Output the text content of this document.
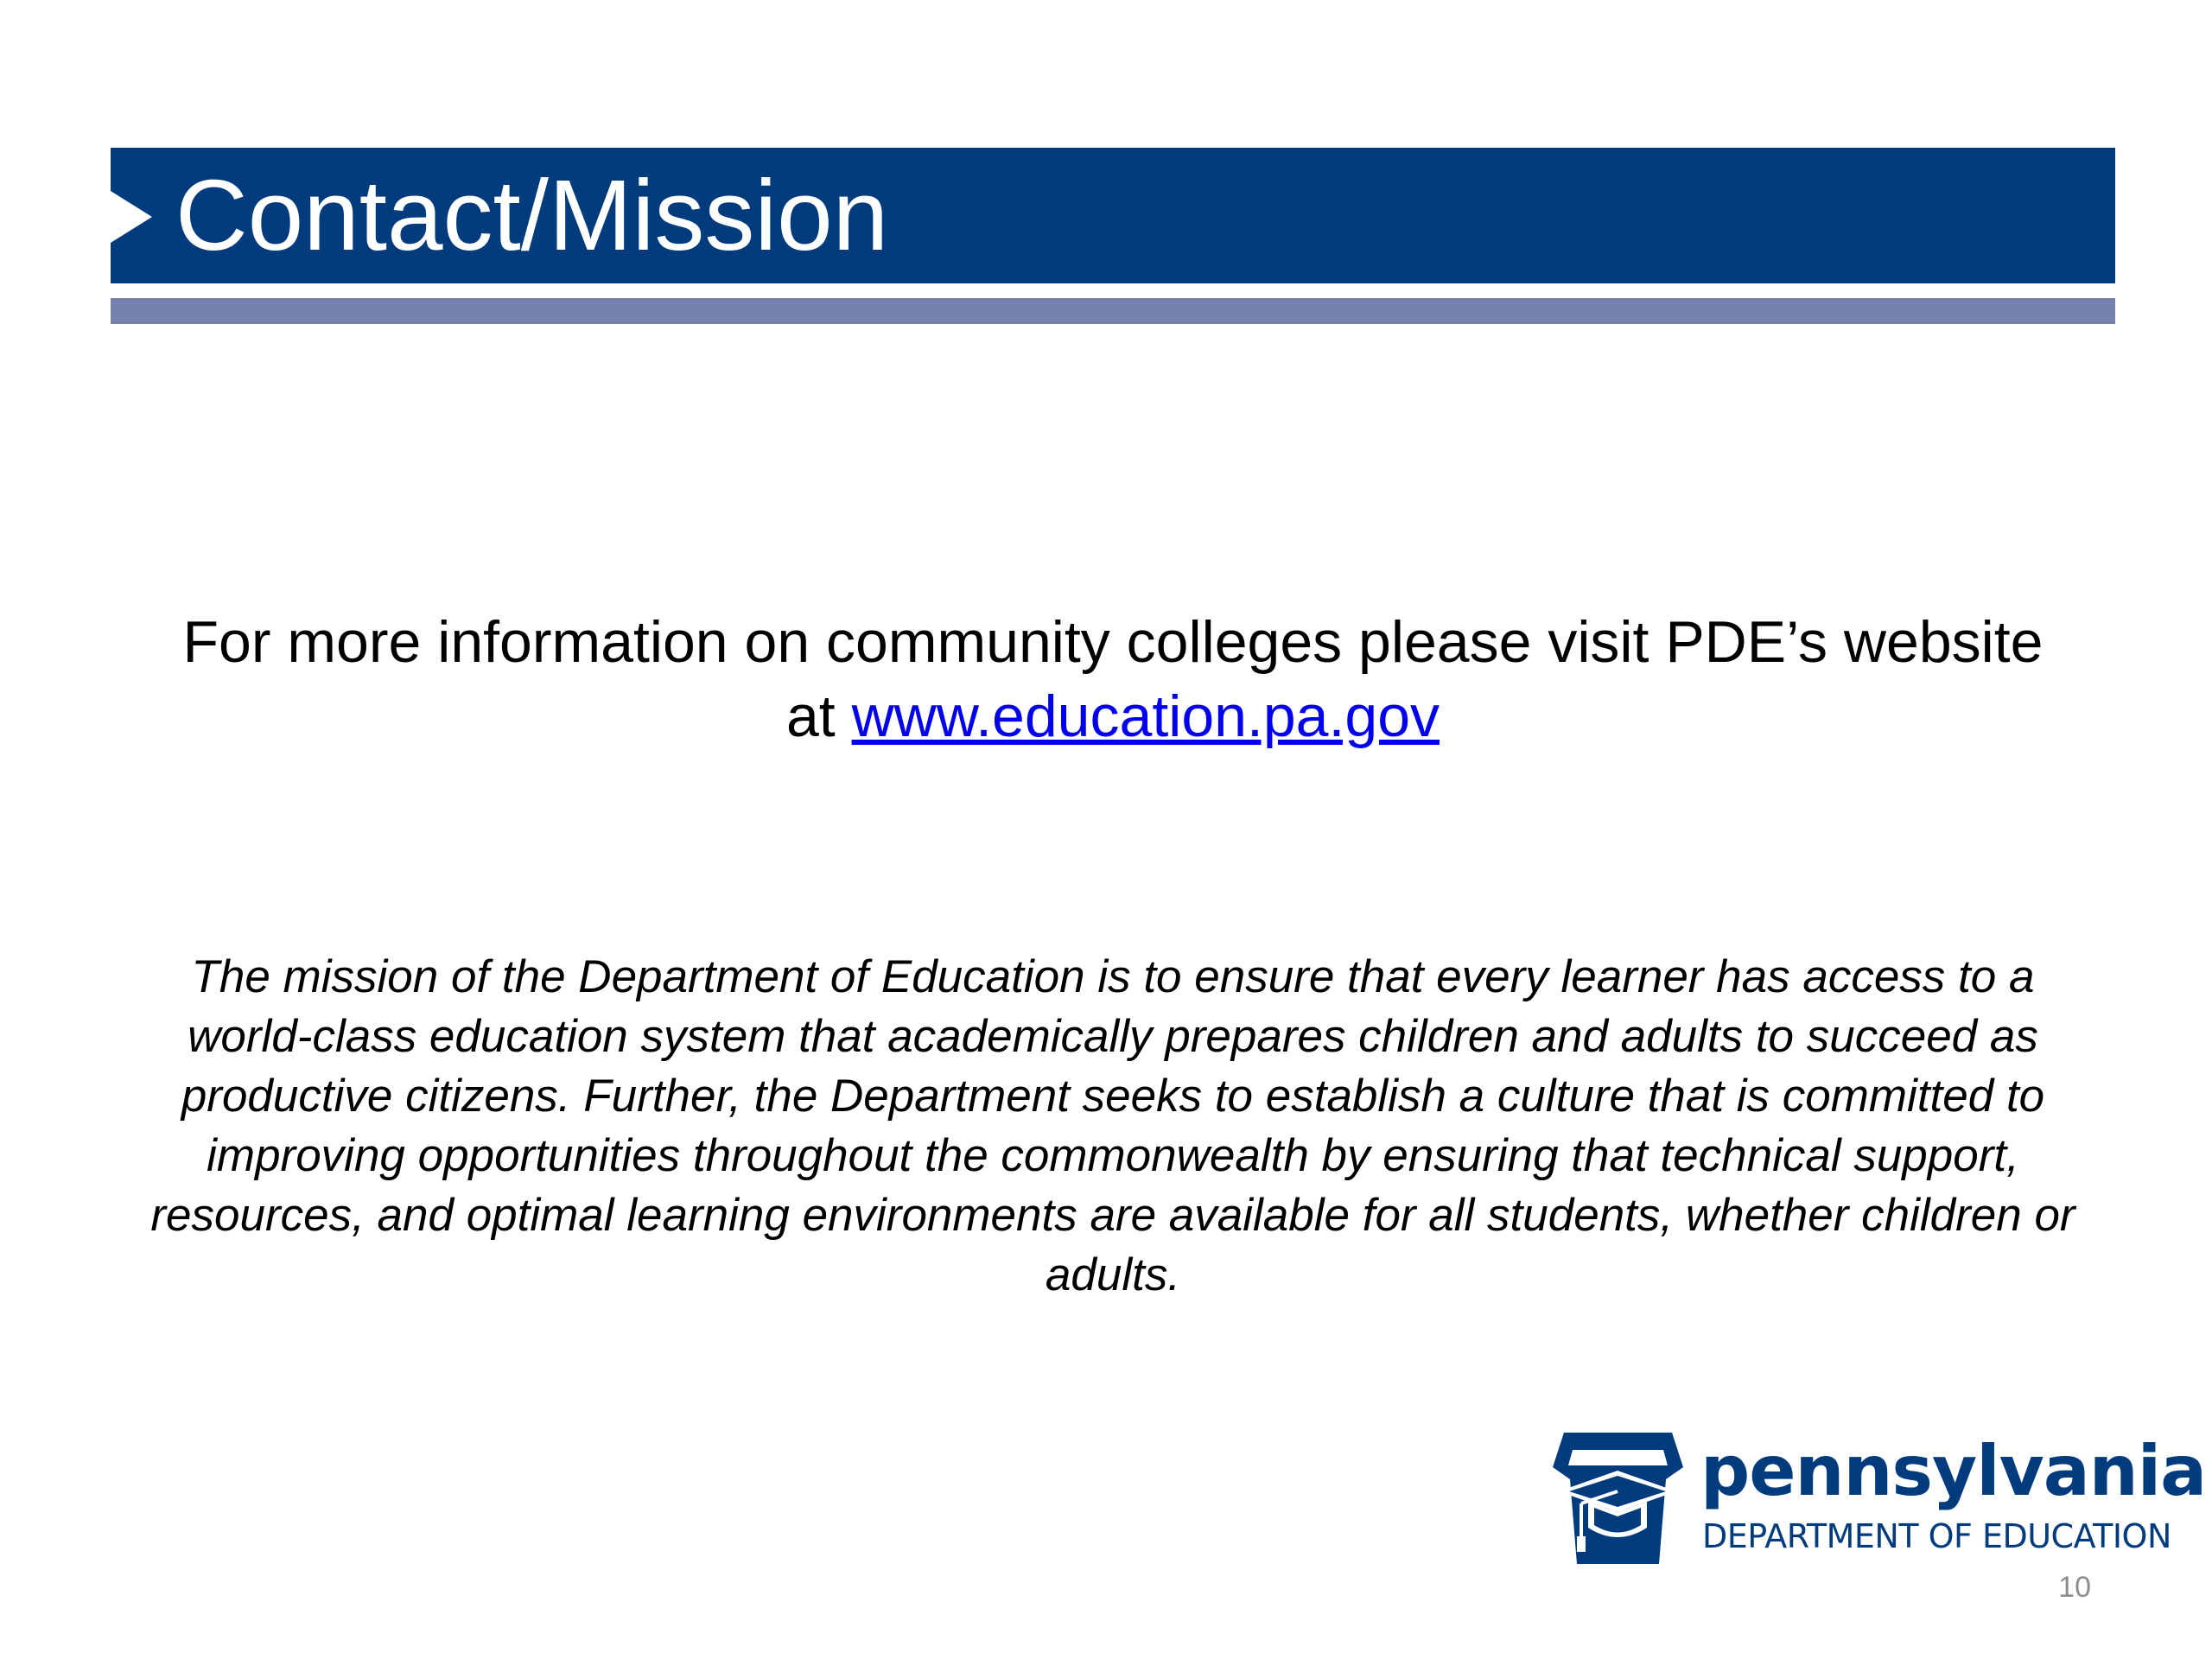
Contact/Mission
For more information on community colleges please visit PDE’s website
at www.education.pa.gov
The mission of the Department of Education is to ensure that every learner has access to a world-class education system that academically prepares children and adults to succeed as productive citizens. Further, the Department seeks to establish a culture that is committed to improving opportunities throughout the commonwealth by ensuring that technical support, resources, and optimal learning environments are available for all students, whether children or adults.
pennsylvania
DEPARTMENT OF EDUCATION
10
